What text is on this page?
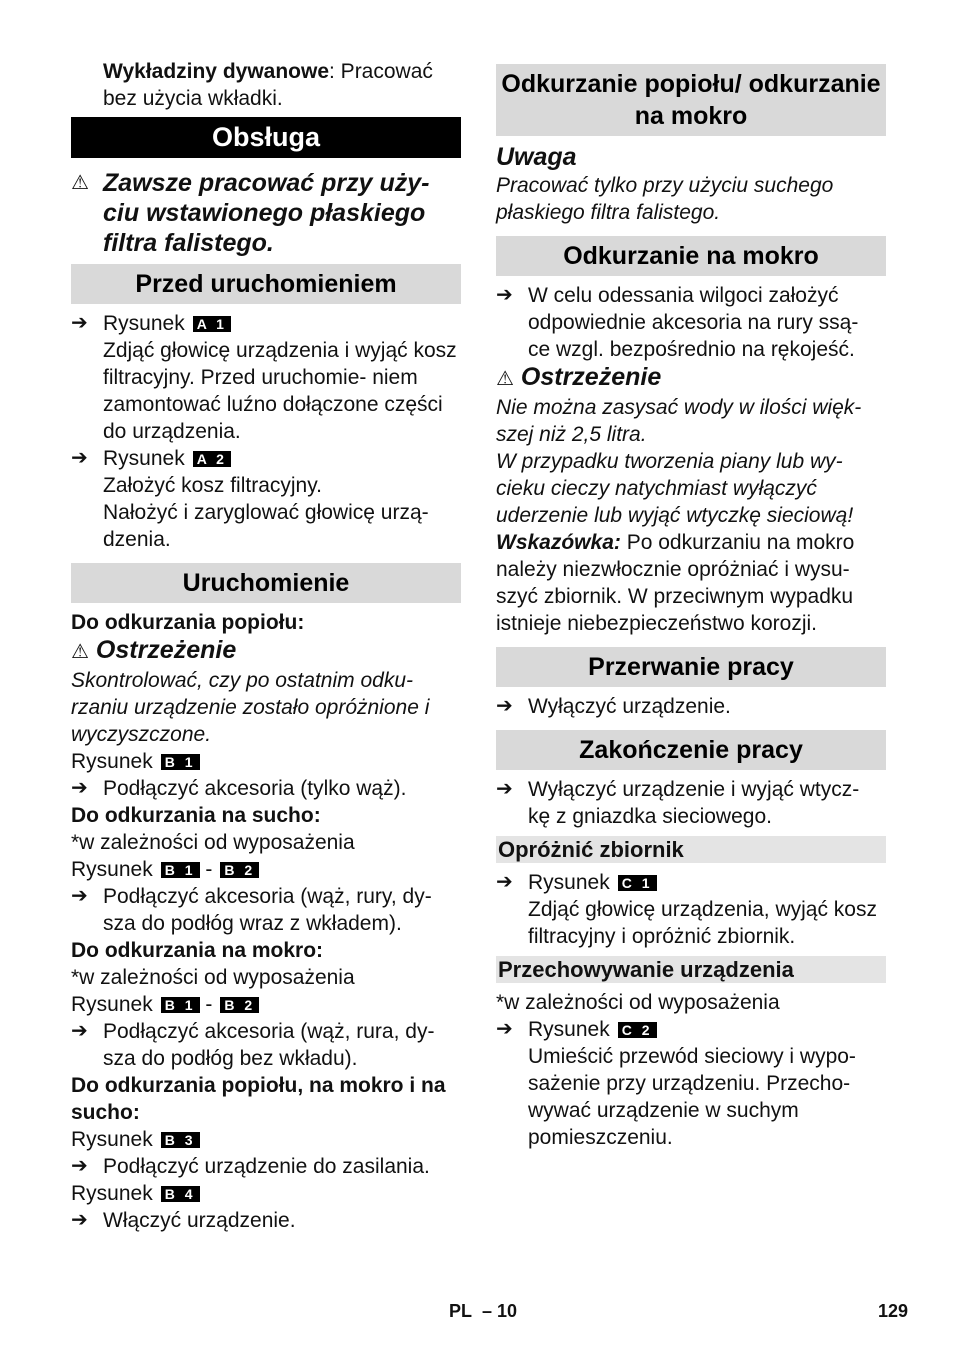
Wykładziny dywanowe: Pracować bez użycia wkładki.

Obsługa
⚠ Zawsze pracować przy uży- ciu wstawionego płaskiego filtra falistego.
Przed uruchomieniem
➔ Rysunek A 1

Zdjąć głowicę urządzenia i wyjąć kosz filtracyjny. Przed uruchomie- niem zamontować luźno dołączone części do urządzenia.

➔ Rysunek A 2

Założyć kosz filtracyjny.

Nałożyć i zaryglować głowicę urzą- dzenia.

Uruchomienie

Do odkurzania popiołu:

⚠ Ostrzeżenie

Skontrolować, czy po ostatnim odku- rzaniu urządzenie zostało opróżnione i wyczyszczone.

Rysunek B 1

➔ Podłączyć akcesoria (tylko wąż).

Do odkurzania na sucho:

*w zależności od wyposażenia

Rysunek B 1 - B 2

➔ Podłączyć akcesoria (wąż, rury, dy- sza do podłóg wraz z wkładem).

Do odkurzania na mokro:

*w zależności od wyposażenia

Rysunek B 1 - B 2

➔ Podłączyć akcesoria (wąż, rura, dy- sza do podłóg bez wkładu).

Do odkurzania popiołu, na mokro i na sucho:

Rysunek B 3

➔ Podłączyć urządzenie do zasilania.

Rysunek B 4

➔ Włączyć urządzenie.

Odkurzanie popiołu/ odkurzanie na mokro

Uwaga

Pracować tylko przy użyciu suchego płaskiego filtra falistego.

Odkurzanie na mokro
➔ W celu odessania wilgoci założyć odpowiednie akcesoria na rury ssą- ce wzgl. bezpośrednio na rękojeść.

⚠ Ostrzeżenie

Nie można zasysać wody w ilości więk- szej niż 2,5 litra.

W przypadku tworzenia piany lub wy- cieku cieczy natychmiast wyłączyć uderzenie lub wyjąć wtyczkę sieciową!

Wskazówka: Po odkurzaniu na mokro należy niezwłocznie opróżniać i wysu- szyć zbiornik. W przeciwnym wypadku istnieje niebezpieczeństwo korozji.

Przerwanie pracy
➔ Wyłączyć urządzenie.

Zakończenie pracy
➔ Wyłączyć urządzenie i wyjąć wtycz- kę z gniazdka sieciowego.

Opróżnić zbiornik
➔ Rysunek C 1

Zdjąć głowicę urządzenia, wyjąć kosz filtracyjny i opróżnić zbiornik.

Przechowywanie urządzenia

*w zależności od wyposażenia

➔ Rysunek C 2

Umieścić przewód sieciowy i wypo- sażenie przy urządzeniu. Przecho- wywać urządzenie w suchym pomieszczeniu.

PL – 10	129
